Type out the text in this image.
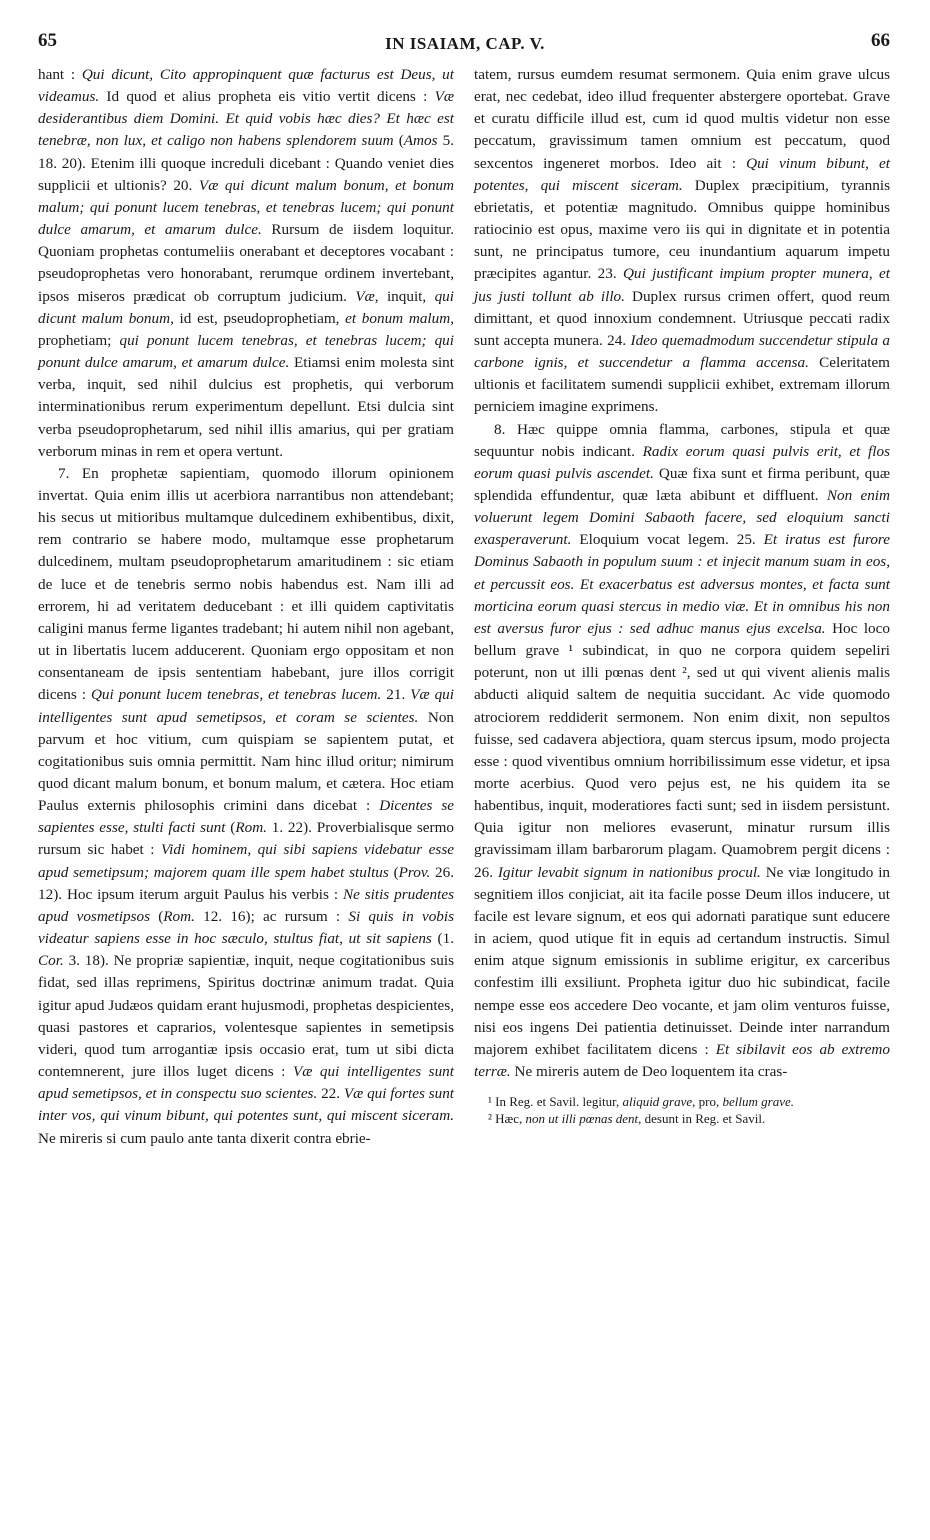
65	IN ISAIAM, CAP. V.	66

hant : Qui dicunt, Cito appropinquent quæ facturus est Deus, ut videamus. Id quod et alius propheta eis vitio vertit dicens : Væ desiderantibus diem Domini. Et quid vobis hæc dies? Et hæc est tenebræ, non lux, et caligo non habens splendorem suum (Amos 5. 18. 20). Etenim illi quoque increduli dicebant : Quando veniet dies supplicii et ultionis? 20. Væ qui dicunt malum bonum, et bonum malum; qui ponunt lucem tenebras, et tenebras lucem; qui ponunt dulce amarum, et amarum dulce. Rursum de iisdem loquitur. Quoniam prophetas contumeliis onerabant et deceptores vocabant : pseudoprophetas vero honorabant, rerumque ordinem invertebant, ipsos miseros prædicat ob corruptum judicium. Væ, inquit, qui dicunt malum bonum, id est, pseudoprophetiam, et bonum malum, prophetiam; qui ponunt lucem tenebras, et tenebras lucem; qui ponunt dulce amarum, et amarum dulce. Etiamsi enim molesta sint verba, inquit, sed nihil dulcius est prophetis, qui verborum interminationibus rerum experimentum depellunt. Etsi dulcia sint verba pseudoprophetarum, sed nihil illis amarius, qui per gratiam verborum minas in rem et opera vertunt.

7. En prophetæ sapientiam, quomodo illorum opinionem invertat. Quia enim illis ut acerbiora narrantibus non attendebant; his secus ut mitioribus multamque dulcedinem exhibentibus, dixit, rem contrario se habere modo, multamque esse prophetarum dulcedinem, multam pseudoprophetarum amaritudinem : sic etiam de luce et de tenebris sermo nobis habendus est. Nam illi ad errorem, hi ad veritatem deducebant : et illi quidem captivitatis caligini manus ferme ligantes tradebant; hi autem nihil non agebant, ut in libertatis lucem adducerent. Quoniam ergo oppositam et non consentaneam de ipsis sententiam habebant, jure illos corrigit dicens : Qui ponunt lucem tenebras, et tenebras lucem. 21. Væ qui intelligentes sunt apud semetipsos, et coram se scientes. Non parvum et hoc vitium, cum quispiam se sapientem putat, et cogitationibus suis omnia permittit. Nam hinc illud oritur; nimirum quod dicant malum bonum, et bonum malum, et cætera. Hoc etiam Paulus externis philosophis crimini dans dicebat : Dicentes se sapientes esse, stulti facti sunt (Rom. 1. 22). Proverbialisque sermo rursum sic habet : Vidi hominem, qui sibi sapiens videbatur esse apud semetipsum; majorem quam ille spem habet stultus (Prov. 26. 12). Hoc ipsum iterum arguit Paulus his verbis : Ne sitis prudentes apud vosmetipsos (Rom. 12. 16); ac rursum : Si quis in vobis videatur sapiens esse in hoc sæculo, stultus fiat, ut sit sapiens (1. Cor. 3. 18). Ne propriæ sapientiæ, inquit, neque cogitationibus suis fidat, sed illas reprimens, Spiritus doctrinæ animum tradat. Quia igitur apud Judæos quidam erant hujusmodi, prophetas despicientes, quasi pastores et caprarios, volentesque sapientes in semetipsis videri, quod tum arrogantiæ ipsis occasio erat, tum ut sibi dicta contemnerent, jure illos luget dicens : Væ qui intelligentes sunt apud semetipsos, et in conspectu suo scientes. 22. Væ qui fortes sunt inter vos, qui vinum bibunt, qui potentes sunt, qui miscent siceram. Ne mireris si cum paulo ante tanta dixerit contra ebrie-

tatem, rursus eumdem resumat sermonem. Quia enim grave ulcus erat, nec cedebat, ideo illud frequenter abstergere oportebat. Grave et curatu difficile illud est, cum id quod multis videtur non esse peccatum, gravissimum tamen omnium est peccatum, quod sexcentos ingeneret morbos. Ideo ait : Qui vinum bibunt, et potentes, qui miscent siceram. Duplex præcipitium, tyrannis ebrietatis, et potentiæ magnitudo. Omnibus quippe hominibus ratiocinio est opus, maxime vero iis qui in dignitate et in potentia sunt, ne principatus tumore, ceu inundantium aquarum impetu præcipites agantur. 23. Qui justificant impium propter munera, et jus justi tollunt ab illo. Duplex rursus crimen offert, quod reum dimittant, et quod innoxium condemnent. Utriusque peccati radix sunt accepta munera. 24. Ideo quemadmodum succendetur stipula a carbone ignis, et succendetur a flamma accensa. Celeritatem ultionis et facilitatem sumendi supplicii exhibet, extremam illorum perniciem imagine exprimens.

8. Hæc quippe omnia flamma, carbones, stipula et quæ sequuntur nobis indicant. Radix eorum quasi pulvis erit, et flos eorum quasi pulvis ascendet. Quæ fixa sunt et firma peribunt, quæ splendida effundentur, quæ læta abibunt et diffluent. Non enim voluerunt legem Domini Sabaoth facere, sed eloquium sancti exasperaverunt. Eloquium vocat legem. 25. Et iratus est furore Dominus Sabaoth in populum suum : et injecit manum suam in eos, et percussit eos. Et exacerbatus est adversus montes, et facta sunt morticina eorum quasi stercus in medio viæ. Et in omnibus his non est aversus furor ejus : sed adhuc manus ejus excelsa. Hoc loco bellum grave ¹ subindicat, in quo ne corpora quidem sepeliri poterunt, non ut illi pœnas dent ², sed ut qui vivent alienis malis abducti aliquid saltem de nequitia succidant. Ac vide quomodo atrociorem reddiderit sermonem. Non enim dixit, non sepultos fuisse, sed cadavera abjectiora, quam stercus ipsum, modo projecta esse : quod viventibus omnium horribilissimum esse videtur, et ipsa morte acerbius. Quod vero pejus est, ne his quidem ita se habentibus, inquit, moderatiores facti sunt; sed in iisdem persistunt. Quia igitur non meliores evaserunt, minatur rursum illis gravissimam illam barbarorum plagam. Quamobrem pergit dicens : 26. Igitur levabit signum in nationibus procul. Ne viæ longitudo in segnitiem illos conjiciat, ait ita facile posse Deum illos inducere, ut facile est levare signum, et eos qui adornati paratique sunt educere in aciem, quod utique fit in equis ad certandum instructis. Simul enim atque signum emissionis in sublime erigitur, ex carceribus confestim illi exsiliunt. Propheta igitur duo hic subindicat, facile nempe esse eos accedere Deo vocante, et jam olim venturos fuisse, nisi eos ingens Dei patientia detinuisset. Deinde inter narrandum majorem exhibet facilitatem dicens : Et sibilavit eos ab extremo terræ. Ne mireris autem de Deo loquentem ita cras-

¹ In Reg. et Savil. legitur, aliquid grave, pro, bellum grave.

² Hæc, non ut illi pœnas dent, desunt in Reg. et Savil.
